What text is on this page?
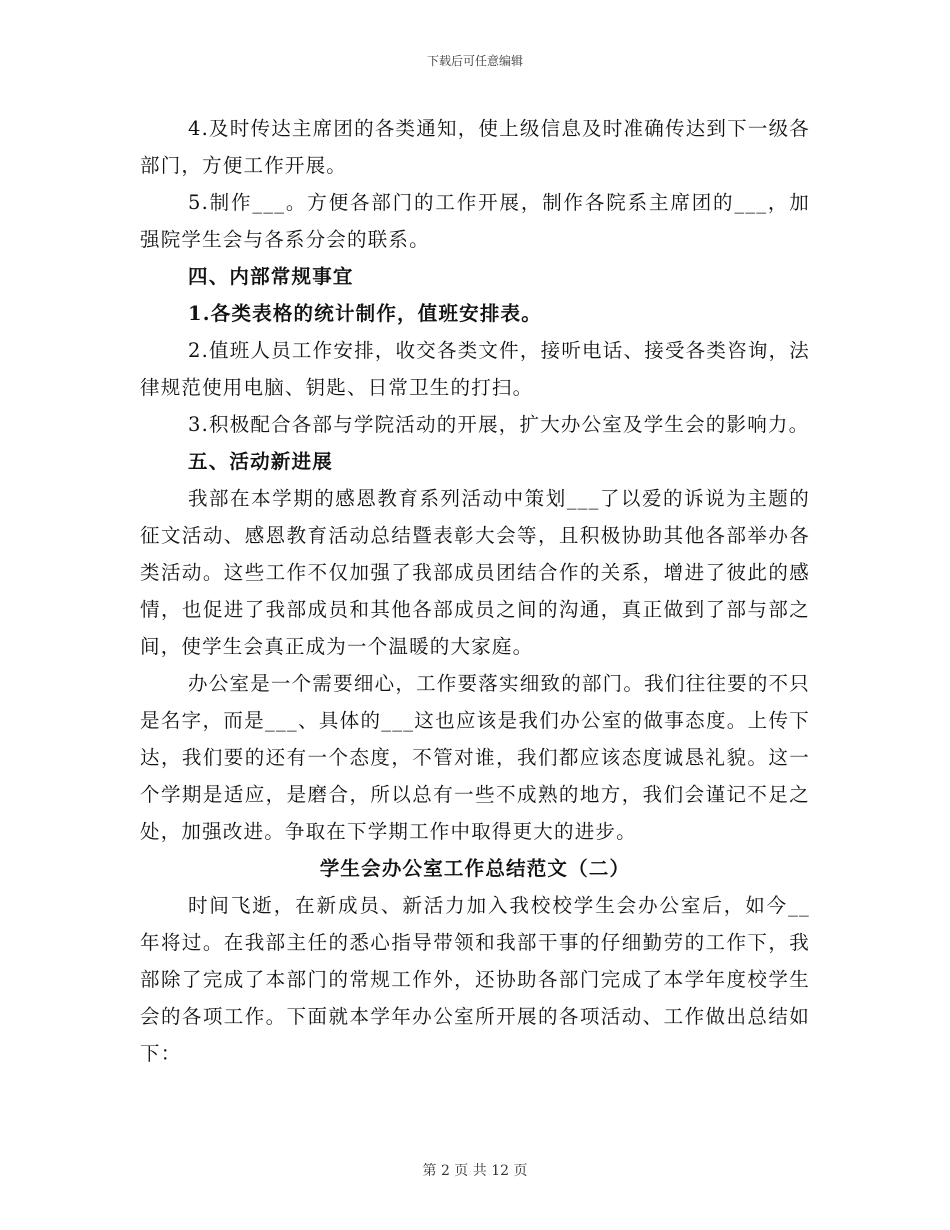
下载后可任意编辑

4.及时传达主席团的各类通知，使上级信息及时准确传达到下一级各部门，方便工作开展。

5.制作___。方便各部门的工作开展，制作各院系主席团的___，加强院学生会与各系分会的联系。

四、内部常规事宜

1.各类表格的统计制作，值班安排表。

2.值班人员工作安排，收交各类文件，接听电话、接受各类咨询，法律规范使用电脑、钥匙、日常卫生的打扫。

3.积极配合各部与学院活动的开展，扩大办公室及学生会的影响力。

五、活动新进展

我部在本学期的感恩教育系列活动中策划___了以爱的诉说为主题的征文活动、感恩教育活动总结暨表彰大会等，且积极协助其他各部举办各类活动。这些工作不仅加强了我部成员团结合作的关系，增进了彼此的感情，也促进了我部成员和其他各部成员之间的沟通，真正做到了部与部之间，使学生会真正成为一个温暖的大家庭。

办公室是一个需要细心，工作要落实细致的部门。我们往往要的不只是名字，而是___、具体的___这也应该是我们办公室的做事态度。上传下达，我们要的还有一个态度，不管对谁，我们都应该态度诚恳礼貌。这一个学期是适应，是磨合，所以总有一些不成熟的地方，我们会谨记不足之处，加强改进。争取在下学期工作中取得更大的进步。

学生会办公室工作总结范文（二）

时间飞逝，在新成员、新活力加入我校校学生会办公室后，如今__年将过。在我部主任的悉心指导带领和我部干事的仔细勤劳的工作下，我部除了完成了本部门的常规工作外，还协助各部门完成了本学年度校学生会的各项工作。下面就本学年办公室所开展的各项活动、工作做出总结如下：

第 2 页 共 12 页
